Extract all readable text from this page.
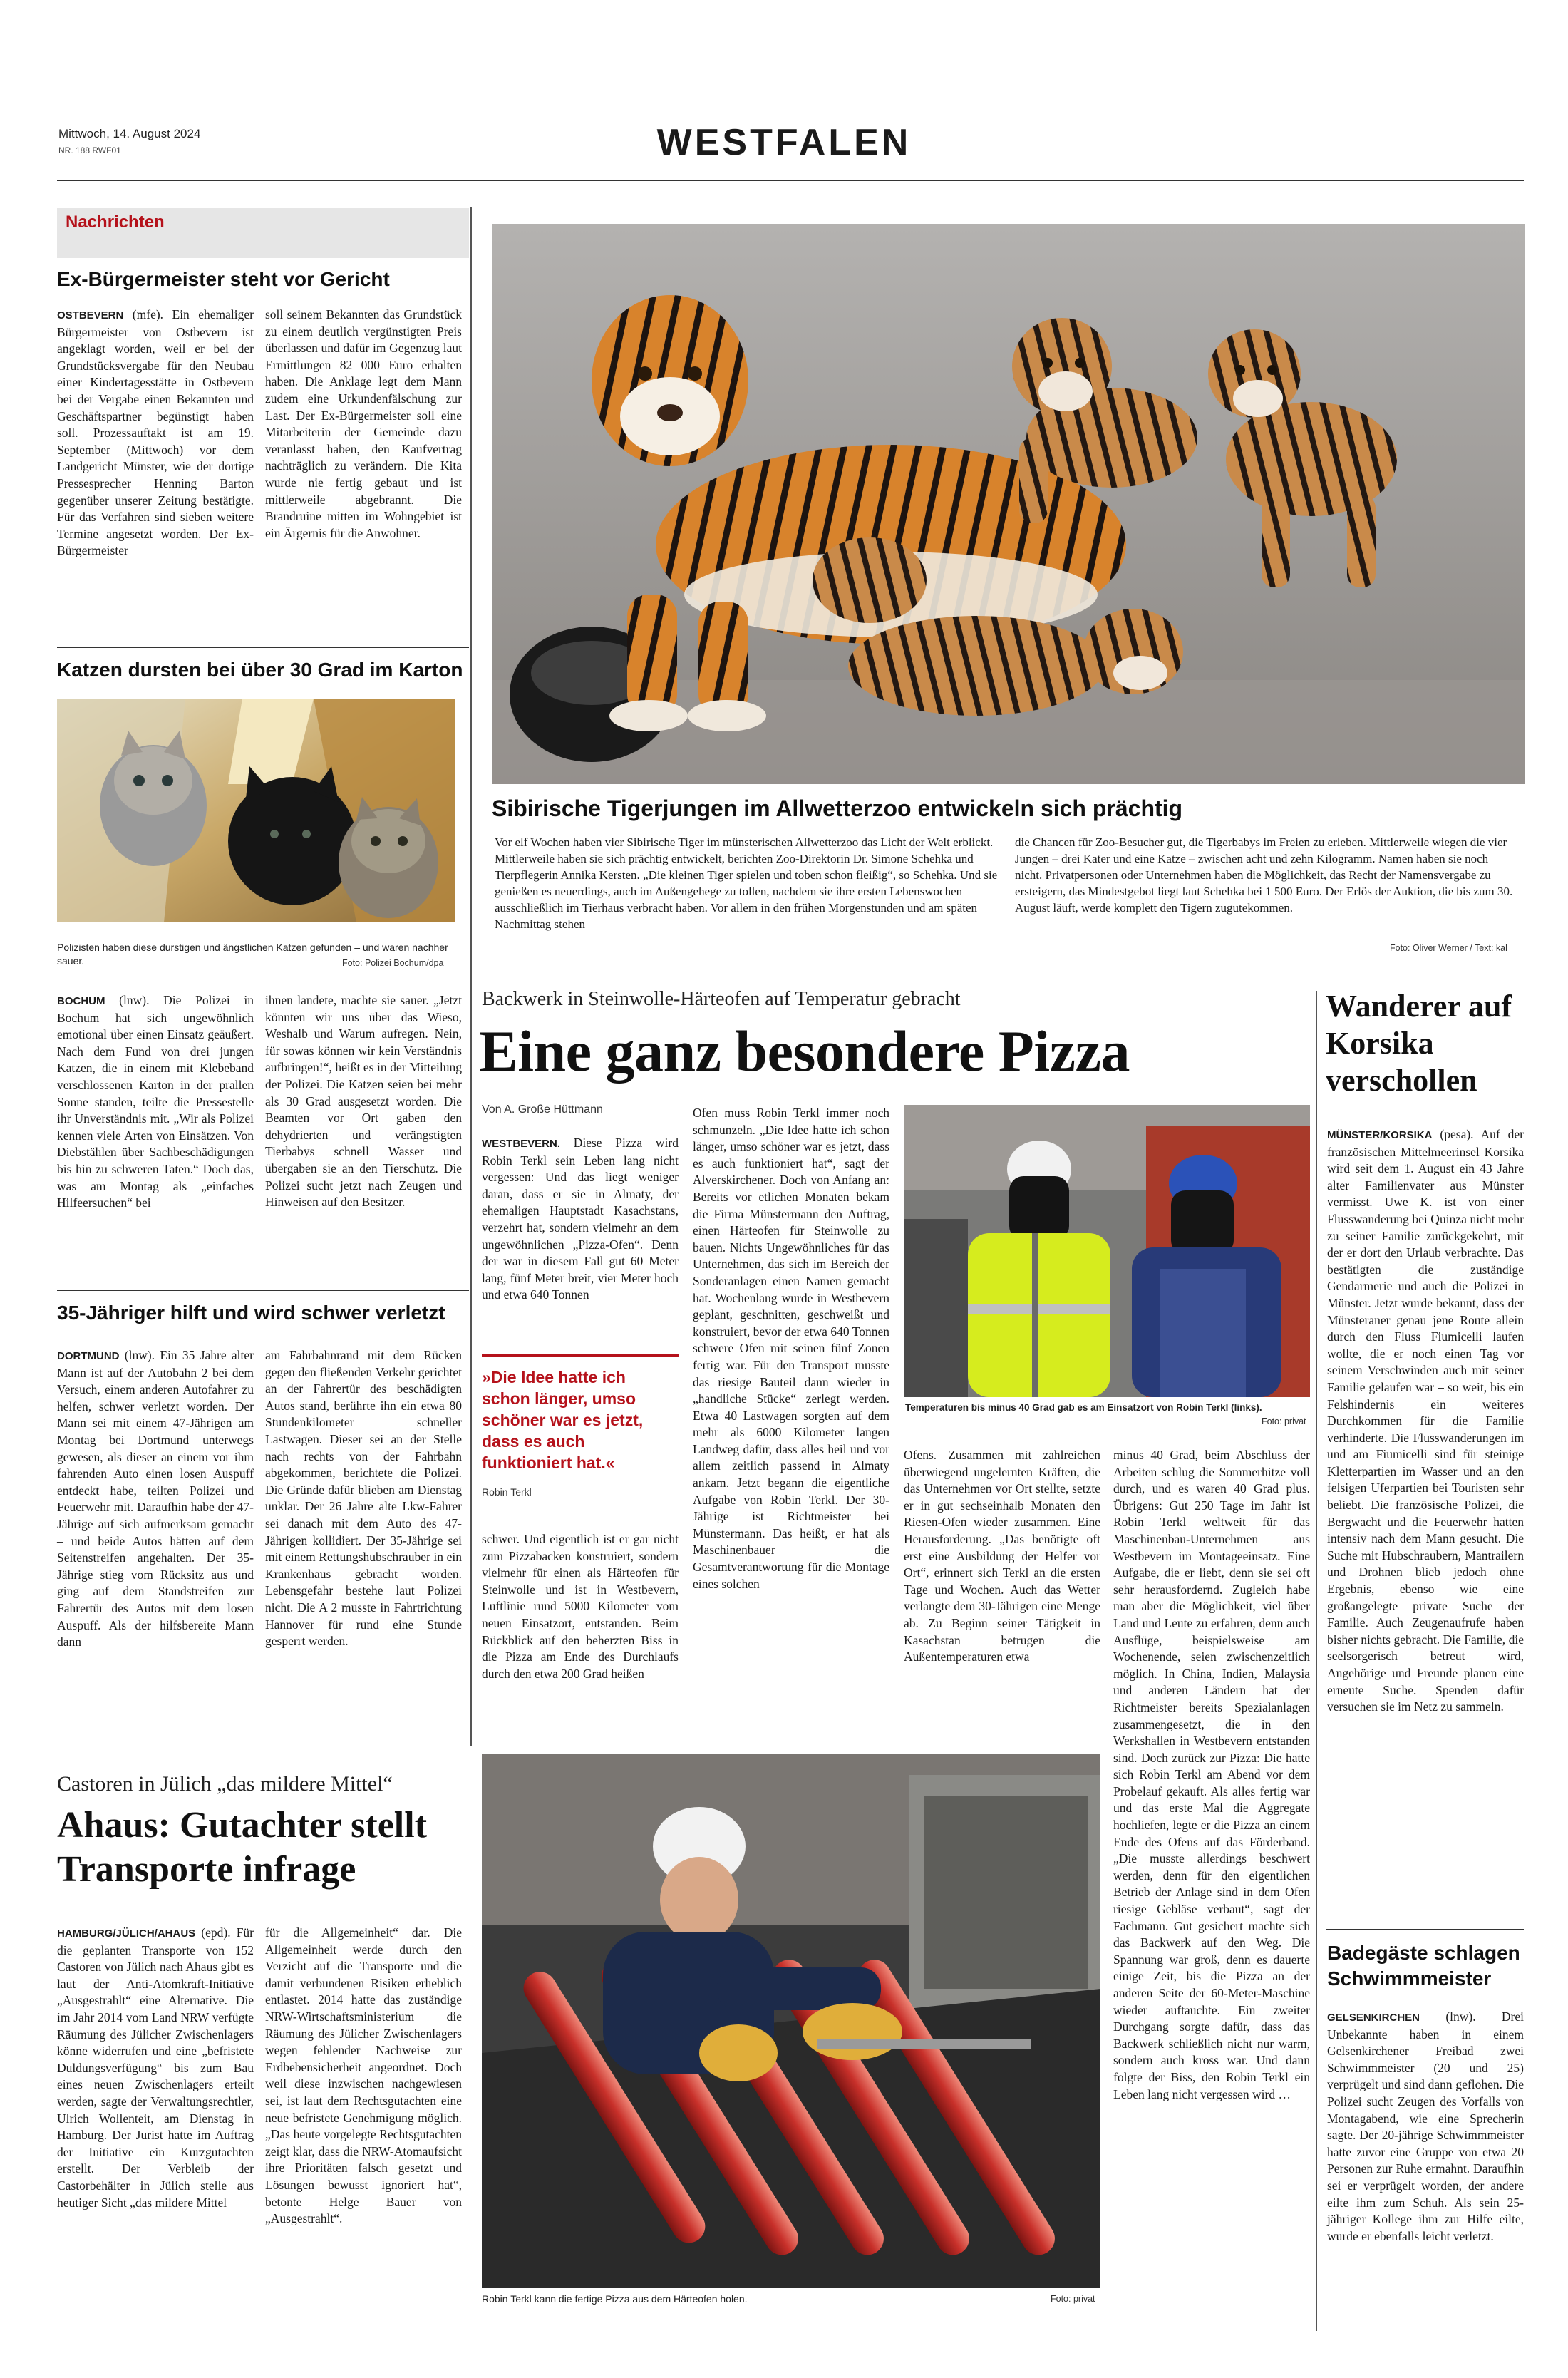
Mittwoch, 14. August 2024
NR. 188 RWF01	WESTFALEN
Nachrichten
Ex-Bürgermeister steht vor Gericht

OSTBEVERN (mfe). Ein ehemaliger Bürgermeister von Ostbevern ist angeklagt worden, weil er bei der Grundstücksvergabe für den Neubau einer Kindertagesstätte in Ostbevern bei der Vergabe einen Bekannten und Geschäftspartner begünstigt haben soll. Prozessauftakt ist am 19. September (Mittwoch) vor dem Landgericht Münster, wie der dortige Pressesprecher Henning Barton gegenüber unserer Zeitung bestätigte. Für das Verfahren sind sieben weitere Termine angesetzt worden. Der Ex-Bürgermeister

soll seinem Bekannten das Grundstück zu einem deutlich vergünstigten Preis überlassen und dafür im Gegenzug laut Ermittlungen 82 000 Euro erhalten haben. Die Anklage legt dem Mann zudem eine Urkundenfälschung zur Last. Der Ex-Bürgermeister soll eine Mitarbeiterin der Gemeinde dazu veranlasst haben, den Kaufvertrag nachträglich zu verändern. Die Kita wurde nie fertig gebaut und ist mittlerweile abgebrannt. Die Brandruine mitten im Wohngebiet ist ein Ärgernis für die Anwohner.
Katzen dursten bei über 30 Grad im Karton
Polizisten haben diese durstigen und ängstlichen Katzen gefunden – und waren nachher sauer.	Foto: Polizei Bochum/dpa

BOCHUM (lnw). Die Polizei in Bochum hat sich ungewöhnlich emotional über einen Einsatz geäußert. Nach dem Fund von drei jungen Katzen, die in einem mit Klebeband verschlossenen Karton in der prallen Sonne standen, teilte die Pressestelle ihr Unverständnis mit. „Wir als Polizei kennen viele Arten von Einsätzen. Von Diebstählen über Sachbeschädigungen bis hin zu schweren Taten.“ Doch das, was am Montag als „einfaches Hilfeersuchen“ bei

ihnen landete, machte sie sauer. „Jetzt könnten wir uns über das Wieso, Weshalb und Warum aufregen. Nein, für sowas können wir kein Verständnis aufbringen!“, heißt es in der Mitteilung der Polizei. Die Katzen seien bei mehr als 30 Grad ausgesetzt worden. Die Beamten vor Ort gaben den dehydrierten und verängstigten Tierbabys schnell Wasser und übergaben sie an den Tierschutz. Die Polizei sucht jetzt nach Zeugen und Hinweisen auf den Besitzer.
35-Jähriger hilft und wird schwer verletzt

DORTMUND (lnw). Ein 35 Jahre alter Mann ist auf der Autobahn 2 bei dem Versuch, einem anderen Autofahrer zu helfen, schwer verletzt worden. Der Mann sei mit einem 47-Jährigen am Montag bei Dortmund unterwegs gewesen, als dieser an einem vor ihm fahrenden Auto einen losen Auspuff entdeckt habe, teilten Polizei und Feuerwehr mit. Daraufhin habe der 47-Jährige auf sich aufmerksam gemacht – und beide Autos hätten auf dem Seitenstreifen angehalten. Der 35-Jährige stieg vom Rücksitz aus und ging auf dem Standstreifen zur Fahrertür des Autos mit dem losen Auspuff. Als der hilfsbereite Mann dann

am Fahrbahnrand mit dem Rücken gegen den fließenden Verkehr gerichtet an der Fahrertür des beschädigten Autos stand, berührte ihn ein etwa 80 Stundenkilometer schneller Lastwagen. Dieser sei an der Stelle nach rechts von der Fahrbahn abgekommen, berichtete die Polizei. Die Gründe dafür blieben am Dienstag unklar. Der 26 Jahre alte Lkw-Fahrer sei danach mit dem Auto des 47-Jährigen kollidiert. Der 35-Jährige sei mit einem Rettungshubschrauber in ein Krankenhaus gebracht worden. Lebensgefahr bestehe laut Polizei nicht. Die A 2 musste in Fahrtrichtung Hannover für rund eine Stunde gesperrt werden.
Sibirische Tigerjungen im Allwetterzoo entwickeln sich prächtig
Vor elf Wochen haben vier Sibirische Tiger im münsterischen Allwetterzoo das Licht der Welt erblickt. Mittlerweile haben sie sich prächtig entwickelt, berichten Zoo-Direktorin Dr. Simone Schehka und Tierpflegerin Annika Kersten. „Die kleinen Tiger spielen und toben schon fleißig“, so Schehka. Und sie genießen es neuerdings, auch im Außengehege zu tollen, nachdem sie ihre ersten Lebenswochen ausschließlich im Tierhaus verbracht haben. Vor allem in den frühen Morgenstunden und am späten Nachmittag stehen
die Chancen für Zoo-Besucher gut, die Tigerbabys im Freien zu erleben. Mittlerweile wiegen die vier Jungen – drei Kater und eine Katze – zwischen acht und zehn Kilogramm. Namen haben sie noch nicht. Privatpersonen oder Unternehmen haben die Möglichkeit, das Recht der Namensvergabe zu ersteigern, das Mindestgebot liegt laut Schehka bei 1 500 Euro. Der Erlös der Auktion, die bis zum 30. August läuft, werde komplett den Tigern zugutekommen.
Foto: Oliver Werner / Text: kal
Backwerk in Steinwolle-Härteofen auf Temperatur gebracht
Eine ganz besondere Pizza
Von A. Große Hüttmann

WESTBEVERN. Diese Pizza wird Robin Terkl sein Leben lang nicht vergessen: Und das liegt weniger daran, dass er sie in Almaty, der ehemaligen Hauptstadt Kasachstans, verzehrt hat, sondern vielmehr an dem ungewöhnlichen „Pizza-Ofen“. Denn der war in diesem Fall gut 60 Meter lang, fünf Meter breit, vier Meter hoch und etwa 640 Tonnen

»Die Idee hatte ich schon länger, umso schöner war es jetzt, dass es auch funktioniert hat.«
Robin Terkl
schwer. Und eigentlich ist er gar nicht zum Pizzabacken konstruiert, sondern vielmehr für einen als Härteofen für Steinwolle und ist in Westbevern, Luftlinie rund 5000 Kilometer vom neuen Einsatzort, entstanden. Beim Rückblick auf den beherzten Biss in die Pizza am Ende des Durchlaufs durch den etwa 200 Grad heißen
Ofen muss Robin Terkl immer noch schmunzeln. „Die Idee hatte ich schon länger, umso schöner war es jetzt, dass es auch funktioniert hat“, sagt der Alverskirchener. Doch von Anfang an: Bereits vor etlichen Monaten bekam die Firma Münstermann den Auftrag, einen Härteofen für Steinwolle zu bauen. Nichts Ungewöhnliches für das Unternehmen, das sich im Bereich der Sonderanlagen einen Namen gemacht hat. Wochenlang wurde in Westbevern geplant, geschnitten, geschweißt und konstruiert, bevor der etwa 640 Tonnen schwere Ofen mit seinen fünf Zonen fertig war. Für den Transport musste das riesige Bauteil dann wieder in „handliche Stücke“ zerlegt werden. Etwa 40 Lastwagen sorgten auf dem mehr als 6000 Kilometer langen Landweg dafür, dass alles heil und vor allem zeitlich passend in Almaty ankam. Jetzt begann die eigentliche Aufgabe von Robin Terkl. Der 30-Jährige ist Richtmeister bei Münstermann. Das heißt, er hat als Maschinenbauer die Gesamtverantwortung für die Montage eines solchen
Temperaturen bis minus 40 Grad gab es am Einsatzort von Robin Terkl (links).
Foto: privat
Ofens. Zusammen mit zahlreichen überwiegend ungelernten Kräften, die das Unternehmen vor Ort stellte, setzte er in gut sechseinhalb Monaten den Riesen-Ofen wieder zusammen. Eine Herausforderung. „Das benötigte oft erst eine Ausbildung der Helfer vor Ort“, erinnert sich Terkl an die ersten Tage und Wochen. Auch das Wetter verlangte dem 30-Jährigen eine Menge ab. Zu Beginn seiner Tätigkeit in Kasachstan betrugen die Außentemperaturen etwa
minus 40 Grad, beim Abschluss der Arbeiten schlug die Sommerhitze voll durch, und es waren 40 Grad plus. Übrigens: Gut 250 Tage im Jahr ist Robin Terkl weltweit für das Maschinenbau-Unternehmen aus Westbevern im Montageeinsatz. Eine Aufgabe, die er liebt, denn sie sei oft sehr herausfordernd. Zugleich habe man aber die Möglichkeit, viel über Land und Leute zu erfahren, denn auch Ausflüge, beispielsweise am Wochenende, seien zwischenzeitlich möglich. In China, Indien, Malaysia und anderen Ländern hat der Richtmeister bereits Spezialanlagen zusammengesetzt, die in den Werkshallen in Westbevern entstanden sind. Doch zurück zur Pizza: Die hatte sich Robin Terkl am Abend vor dem Probelauf gekauft. Als alles fertig war und das erste Mal die Aggregate hochliefen, legte er die Pizza an einem Ende des Ofens auf das Förderband. „Die musste allerdings beschwert werden, denn für den eigentlichen Betrieb der Anlage sind in dem Ofen riesige Gebläse verbaut“, sagt der Fachmann. Gut gesichert machte sich das Backwerk auf den Weg. Die Spannung war groß, denn es dauerte einige Zeit, bis die Pizza an der anderen Seite der 60-Meter-Maschine wieder auftauchte. Ein zweiter Durchgang sorgte dafür, dass das Backwerk schließlich nicht nur warm, sondern auch kross war. Und dann folgte der Biss, den Robin Terkl ein Leben lang nicht vergessen wird …
Robin Terkl kann die fertige Pizza aus dem Härteofen holen.	Foto: privat
Wanderer auf Korsika verschollen

MÜNSTER/KORSIKA (pesa). Auf der französischen Mittelmeerinsel Korsika wird seit dem 1. August ein 43 Jahre alter Familienvater aus Münster vermisst. Uwe K. ist von einer Flusswanderung bei Quinza nicht mehr zu seiner Familie zurückgekehrt, mit der er dort den Urlaub verbrachte. Das bestätigten die zuständige Gendarmerie und auch die Polizei in Münster. Jetzt wurde bekannt, dass der Münsteraner genau jene Route allein durch den Fluss Fiumicelli laufen wollte, die er noch einen Tag vor seinem Verschwinden auch mit seiner Familie gelaufen war – so weit, bis ein Felshindernis ein weiteres Durchkommen für die Familie verhinderte. Die Flusswanderungen im und am Fiumicelli sind für steinige Kletterpartien im Wasser und an den felsigen Uferpartien bei Touristen sehr beliebt. Die französische Polizei, die Bergwacht und die Feuerwehr hatten intensiv nach dem Mann gesucht. Die Suche mit Hubschraubern, Mantrailern und Drohnen blieb jedoch ohne Ergebnis, ebenso wie eine großangelegte private Suche der Familie. Auch Zeugenaufrufe haben bisher nichts gebracht. Die Familie, die seelsorgerisch betreut wird, Angehörige und Freunde planen eine erneute Suche. Spenden dafür versuchen sie im Netz zu sammeln.

Badegäste schlagen Schwimmmeister

GELSENKIRCHEN (lnw). Drei Unbekannte haben in einem Gelsenkirchener Freibad zwei Schwimmmeister (20 und 25) verprügelt und sind dann geflohen. Die Polizei sucht Zeugen des Vorfalls von Montagabend, wie eine Sprecherin sagte. Der 20-jährige Schwimmmeister hatte zuvor eine Gruppe von etwa 20 Personen zur Ruhe ermahnt. Daraufhin sei er verprügelt worden, der andere eilte ihm zum Schuh. Als sein 25-jähriger Kollege ihm zur Hilfe eilte, wurde er ebenfalls leicht verletzt.

Castoren in Jülich „das mildere Mittel“
Ahaus: Gutachter stellt Transporte infrage

HAMBURG/JÜLICH/AHAUS (epd). Für die geplanten Transporte von 152 Castoren von Jülich nach Ahaus gibt es laut der Anti-Atomkraft-Initiative „Ausgestrahlt“ eine Alternative. Die im Jahr 2014 vom Land NRW verfügte Räumung des Jülicher Zwischenlagers könne widerrufen und eine „befristete Duldungsverfügung“ bis zum Bau eines neuen Zwischenlagers erteilt werden, sagte der Verwaltungsrechtler, Ulrich Wollenteit, am Dienstag in Hamburg. Der Jurist hatte im Auftrag der Initiative ein Kurzgutachten erstellt. Der Verbleib der Castorbehälter in Jülich stelle aus heutiger Sicht „das mildere Mittel

für die Allgemeinheit“ dar. Die Allgemeinheit werde durch den Verzicht auf die Transporte und die damit verbundenen Risiken erheblich entlastet. 2014 hatte das zuständige NRW-Wirtschaftsministerium die Räumung des Jülicher Zwischenlagers wegen fehlender Nachweise zur Erdbebensicherheit angeordnet. Doch weil diese inzwischen nachgewiesen sei, ist laut dem Rechtsgutachten eine neue befristete Genehmigung möglich. „Das heute vorgelegte Rechtsgutachten zeigt klar, dass die NRW-Atomaufsicht ihre Prioritäten falsch gesetzt und Lösungen bewusst ignoriert hat“, betonte Helge Bauer von „Ausgestrahlt“.
